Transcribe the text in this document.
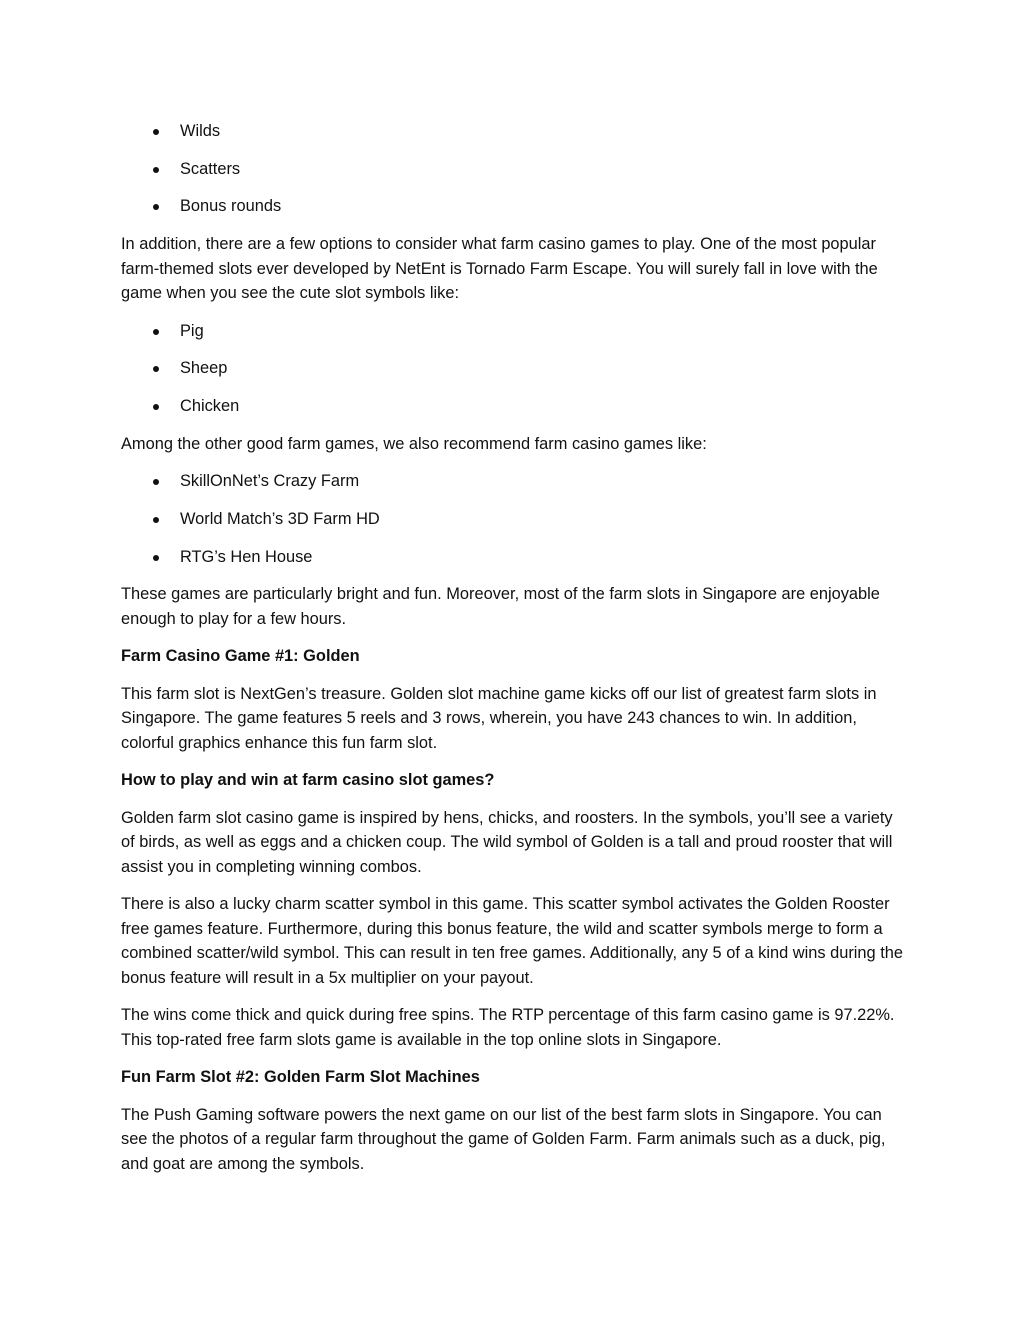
Wilds
Scatters
Bonus rounds

In addition, there are a few options to consider what farm casino games to play. One of the most popular farm-themed slots ever developed by NetEnt is Tornado Farm Escape. You will surely fall in love with the game when you see the cute slot symbols like:

Pig
Sheep
Chicken

Among the other good farm games, we also recommend farm casino games like:

SkillOnNet’s Crazy Farm
World Match’s 3D Farm HD
RTG’s Hen House

These games are particularly bright and fun. Moreover, most of the farm slots in Singapore are enjoyable enough to play for a few hours.

Farm Casino Game #1: Golden

This farm slot is NextGen’s treasure. Golden slot machine game kicks off our list of greatest farm slots in Singapore. The game features 5 reels and 3 rows, wherein, you have 243 chances to win. In addition, colorful graphics enhance this fun farm slot.

How to play and win at farm casino slot games?

Golden farm slot casino game is inspired by hens, chicks, and roosters. In the symbols, you’ll see a variety of birds, as well as eggs and a chicken coup. The wild symbol of Golden is a tall and proud rooster that will assist you in completing winning combos.

There is also a lucky charm scatter symbol in this game. This scatter symbol activates the Golden Rooster free games feature. Furthermore, during this bonus feature, the wild and scatter symbols merge to form a combined scatter/wild symbol. This can result in ten free games. Additionally, any 5 of a kind wins during the bonus feature will result in a 5x multiplier on your payout.

The wins come thick and quick during free spins. The RTP percentage of this farm casino game is 97.22%. This top-rated free farm slots game is available in the top online slots in Singapore.

Fun Farm Slot #2: Golden Farm Slot Machines

The Push Gaming software powers the next game on our list of the best farm slots in Singapore. You can see the photos of a regular farm throughout the game of Golden Farm. Farm animals such as a duck, pig, and goat are among the symbols.
